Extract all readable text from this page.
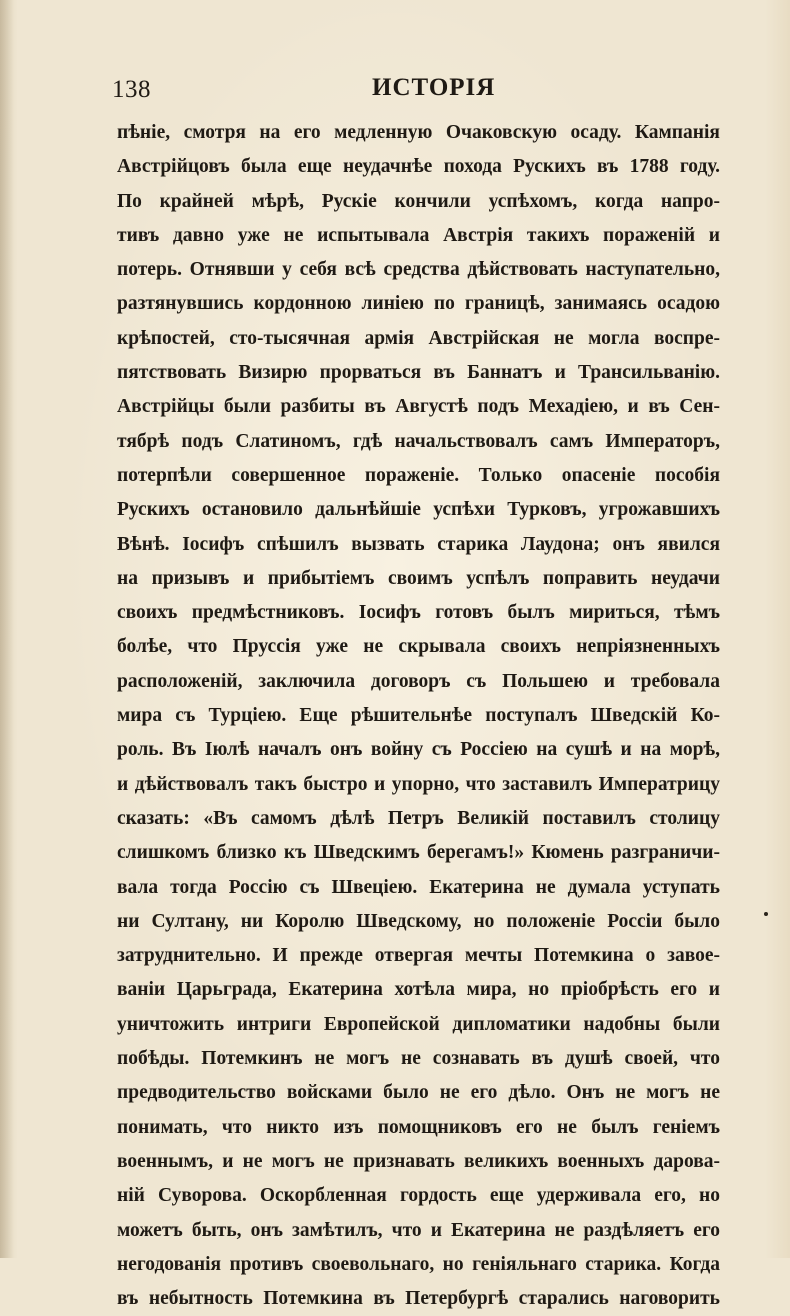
138	ИСТОРІЯ
пѣніе, смотря на его медленную Очаковскую осаду. Кампанія
Австрійцовъ была еще неудачнѣе похода Рускихъ въ 1788 году.
По крайней мѣрѣ, Рускіе кончили успѣхомъ, когда напро-
тивъ давно уже не испытывала Австрія такихъ пораженій и
потерь. Отнявши у себя всѣ средства дѣйствовать наступательно,
разтянувшись кордонною линіею по границѣ, занимаясь осадою
крѣпостей, сто-тысячная армія Австрійская не могла воспре-
пятствовать Визирю прорваться въ Баннатъ и Трансильванію.
Австрійцы были разбиты въ Августѣ подъ Мехадіею, и въ Сен-
тябрѣ подъ Слатиномъ, гдѣ начальствовалъ самъ Императоръ,
потерпѣли совершенное пораженіе. Только опасеніе пособія
Рускихъ остановило дальнѣйшіе успѣхи Турковъ, угрожавшихъ
Вѣнѣ. Іосифъ спѣшилъ вызвать старика Лаудона; онъ явился
на призывъ и прибытіемъ своимъ успѣлъ поправить неудачи
своихъ предмѣстниковъ. Іосифъ готовъ былъ мириться, тѣмъ
болѣе, что Пруссія уже не скрывала своихъ непріязненныхъ
расположеній, заключила договоръ съ Польшею и требовала
мира съ Турціею. Еще рѣшительнѣе поступалъ Шведскій Ко-
роль. Въ Іюлѣ началъ онъ войну съ Россіею на сушѣ и на морѣ,
и дѣйствовалъ такъ быстро и упорно, что заставилъ Императрицу
сказать: «Въ самомъ дѣлѣ Петръ Великій поставилъ столицу
слишкомъ близко къ Шведскимъ берегамъ!» Кюмень разграничи-
вала тогда Россію съ Швеціею. Екатерина не думала уступать
ни Султану, ни Королю Шведскому, но положеніе Россіи было
затруднительно. И прежде отвергая мечты Потемкина о завое-
ваніи Царьграда, Екатерина хотѣла мира, но пріобрѣсть его и
уничтожить интриги Европейской дипломатики надобны были
побѣды. Потемкинъ не могъ не сознавать въ душѣ своей, что
предводительство войсками было не его дѣло. Онъ не могъ не
понимать, что никто изъ помощниковъ его не былъ геніемъ
военнымъ, и не могъ не признавать великихъ военныхъ дарова-
ній Суворова. Оскорбленная гордость еще удерживала его, но
можетъ быть, онъ замѣтилъ, что и Екатерина не раздѣляетъ его
негодованія противъ своевольнаго, но геніяльнаго старика. Когда
въ небытность Потемкина въ Петербургѣ старались наговорить
